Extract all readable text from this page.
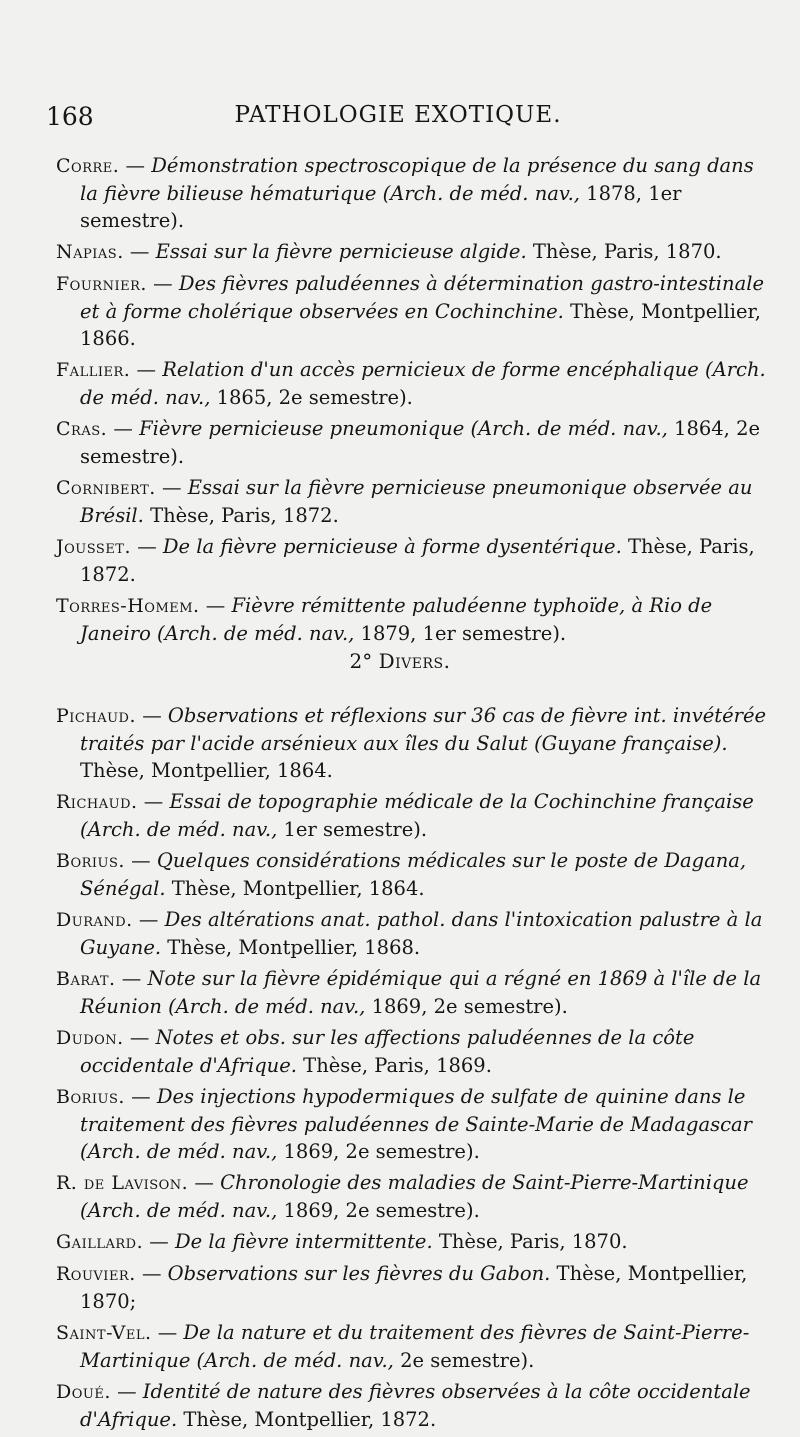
168	PATHOLOGIE EXOTIQUE.

Corre. — Démonstration spectroscopique de la présence du sang dans la fièvre bilieuse hématurique (Arch. de méd. nav., 1878, 1er semestre).

Napias. — Essai sur la fièvre pernicieuse algide. Thèse, Paris, 1870.

Fournier. — Des fièvres paludéennes à détermination gastro-intestinale et à forme cholérique observées en Cochinchine. Thèse, Montpellier, 1866.

Fallier. — Relation d'un accès pernicieux de forme encéphalique (Arch. de méd. nav., 1865, 2e semestre).

Cras. — Fièvre pernicieuse pneumonique (Arch. de méd. nav., 1864, 2e semestre).

Cornibert. — Essai sur la fièvre pernicieuse pneumonique observée au Brésil. Thèse, Paris, 1872.

Jousset. — De la fièvre pernicieuse à forme dysentérique. Thèse, Paris, 1872.

Torres-Homem. — Fièvre rémittente paludéenne typhoïde, à Rio de Janeiro (Arch. de méd. nav., 1879, 1er semestre).

2° Divers.

Pichaud. — Observations et réflexions sur 36 cas de fièvre int. invétérée traités par l'acide arsénieux aux îles du Salut (Guyane française). Thèse, Montpellier, 1864.

Richaud. — Essai de topographie médicale de la Cochinchine française (Arch. de méd. nav., 1er semestre).

Borius. — Quelques considérations médicales sur le poste de Dagana, Sénégal. Thèse, Montpellier, 1864.

Durand. — Des altérations anat. pathol. dans l'intoxication palustre à la Guyane. Thèse, Montpellier, 1868.

Barat. — Note sur la fièvre épidémique qui a régné en 1869 à l'île de la Réunion (Arch. de méd. nav., 1869, 2e semestre).

Dudon. — Notes et obs. sur les affections paludéennes de la côte occidentale d'Afrique. Thèse, Paris, 1869.

Borius. — Des injections hypodermiques de sulfate de quinine dans le traitement des fièvres paludéennes de Sainte-Marie de Madagascar (Arch. de méd. nav., 1869, 2e semestre).

R. de Lavison. — Chronologie des maladies de Saint-Pierre-Martinique (Arch. de méd. nav., 1869, 2e semestre).

Gaillard. — De la fièvre intermittente. Thèse, Paris, 1870.

Rouvier. — Observations sur les fièvres du Gabon. Thèse, Montpellier, 1870;

Saint-Vel. — De la nature et du traitement des fièvres de Saint-Pierre-Martinique (Arch. de méd. nav., 2e semestre).

Doué. — Identité de nature des fièvres observées à la côte occidentale d'Afrique. Thèse, Montpellier, 1872.
